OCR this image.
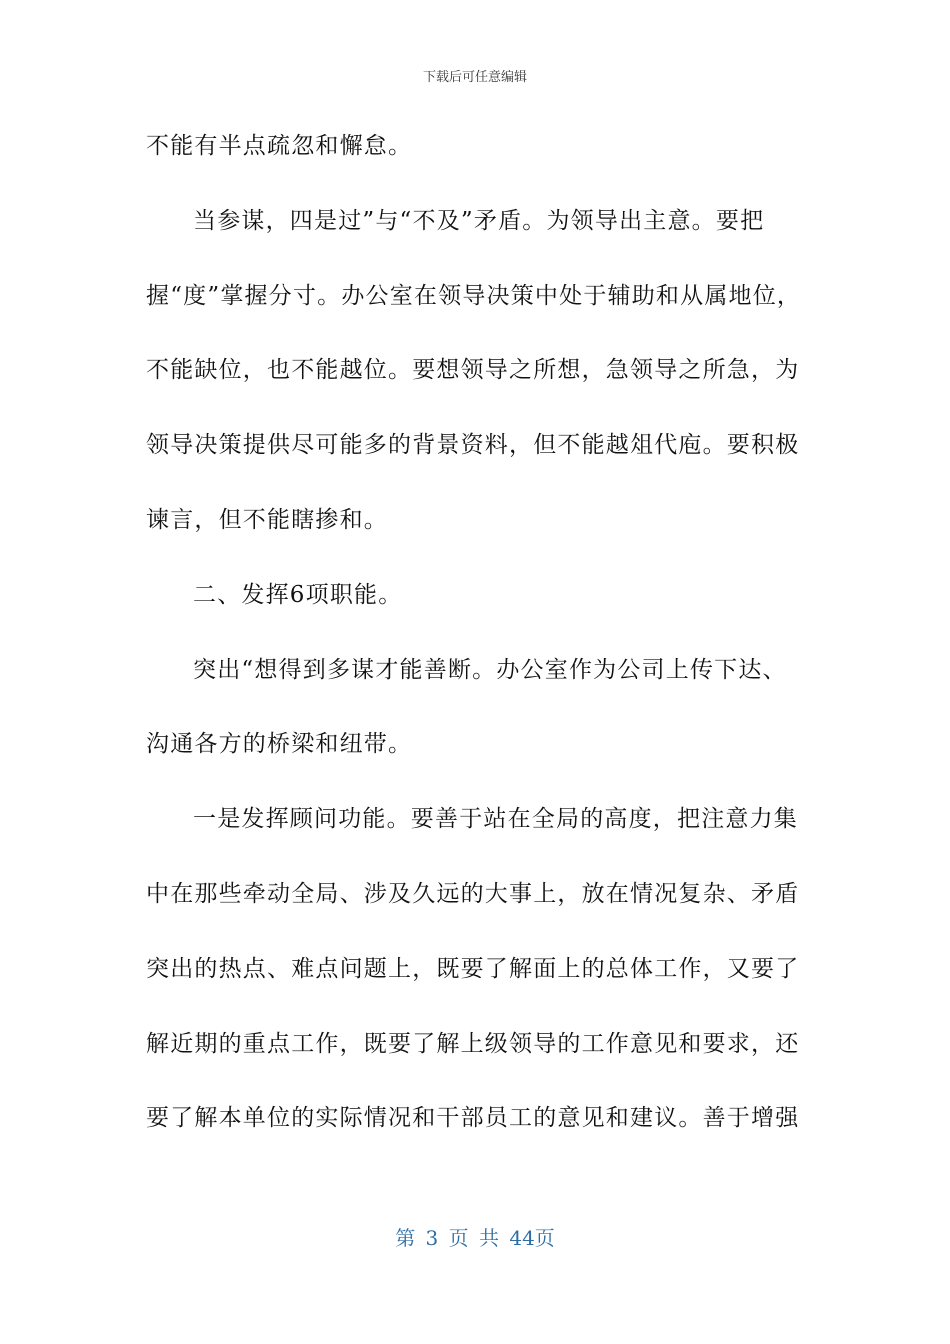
下载后可任意编辑
不能有半点疏忽和懈怠。
当参谋，四是过”与“不及”矛盾。为领导出主意。要把
握“度”掌握分寸。办公室在领导决策中处于辅助和从属地位，
不能缺位，也不能越位。要想领导之所想，急领导之所急，为
领导决策提供尽可能多的背景资料，但不能越俎代庖。要积极
谏言，但不能瞎掺和。
二、发挥6项职能。
突出“想得到多谋才能善断。办公室作为公司上传下达、
沟通各方的桥梁和纽带。
一是发挥顾问功能。要善于站在全局的高度，把注意力集
中在那些牵动全局、涉及久远的大事上，放在情况复杂、矛盾
突出的热点、难点问题上，既要了解面上的总体工作，又要了
解近期的重点工作，既要了解上级领导的工作意见和要求，还
要了解本单位的实际情况和干部员工的意见和建议。善于增强
第 3 页 共 44页
